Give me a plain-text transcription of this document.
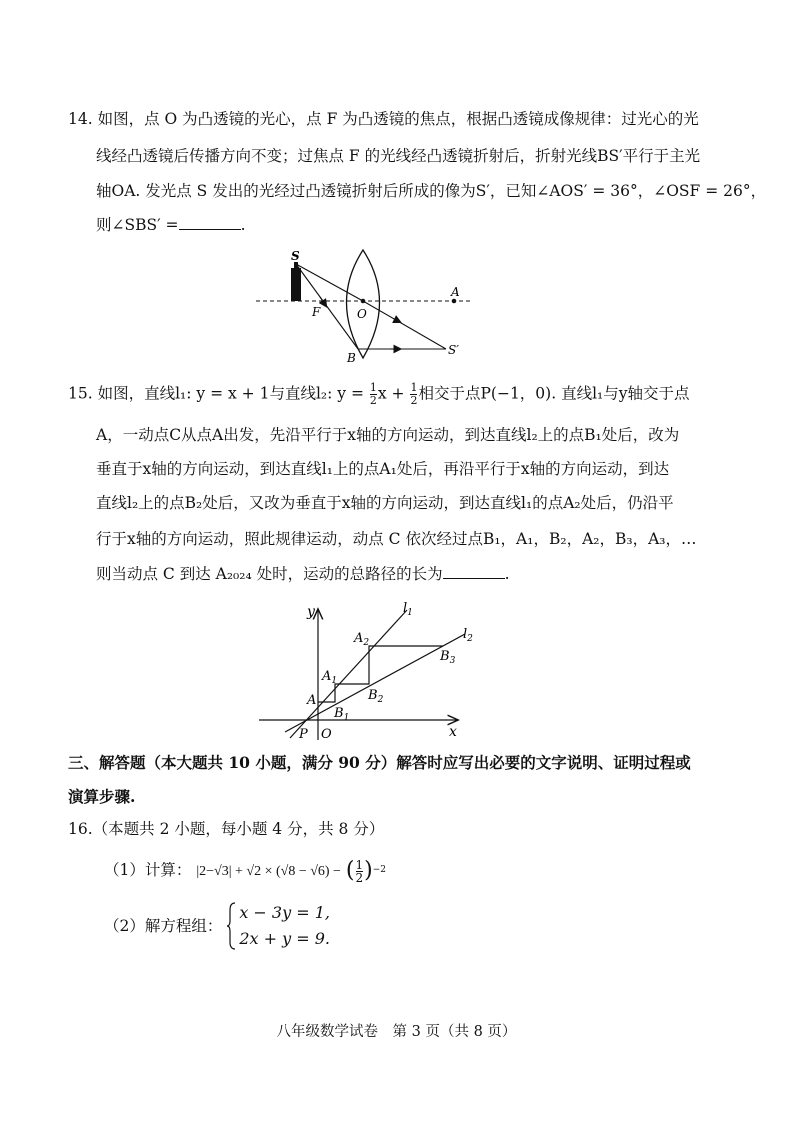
14. 如图，点 O 为凸透镜的光心，点 F 为凸透镜的焦点，根据凸透镜成像规律：过光心的光
线经凸透镜后传播方向不变；过焦点 F 的光线经凸透镜折射后，折射光线BS′平行于主光
轴OA. 发光点 S 发出的光经过凸透镜折射后所成的像为S′，已知∠AOS′ = 36°，∠OSF = 26°，
则∠SBS′ =	.
S
A
F	O
B
S′
15. 如图，直线l₁: y = x + 1与直线l₂: $y = \frac{1}{2}$ $x + \frac{1}{2}$ 相交于点P(−1，0). 直线l₁与y轴交于点
A，一动点C从点A出发，先沿平行于x轴的方向运动，到达直线l₂上的点B₁处后，改为
垂直于x轴的方向运动，到达直线l₁上的点A₁处后，再沿平行于x轴的方向运动，到达
直线l₂上的点B₂处后，又改为垂直于x轴的方向运动，到达直线l₁的点A₂处后，仍沿平
行于x轴的方向运动，照此规律运动，动点 C 依次经过点B₁，A₁，B₂，A₂，B₃，A₃，…
则当动点 C 到达 A₂₀₂₄ 处时，运动的总路径的长为	.
y
x
$l_1$
$l_2$
A
$A_1$
$A_2$
$B_1$
$B_2$
$B_3$
P O
三、解答题（本大题共 10 小题，满分 90 分）解答时应写出必要的文字说明、证明过程或
演算步骤.
16.（本题共 2 小题，每小题 4 分，共 8 分）
（1）计算： |2−√3| + √2 × (√8 − √6) − ( $\frac{1}{2} )^{-2}$
（2）解方程组：
x − 3y = 1,
2x + y = 9.
八年级数学试卷　第 3 页（共 8 页）
